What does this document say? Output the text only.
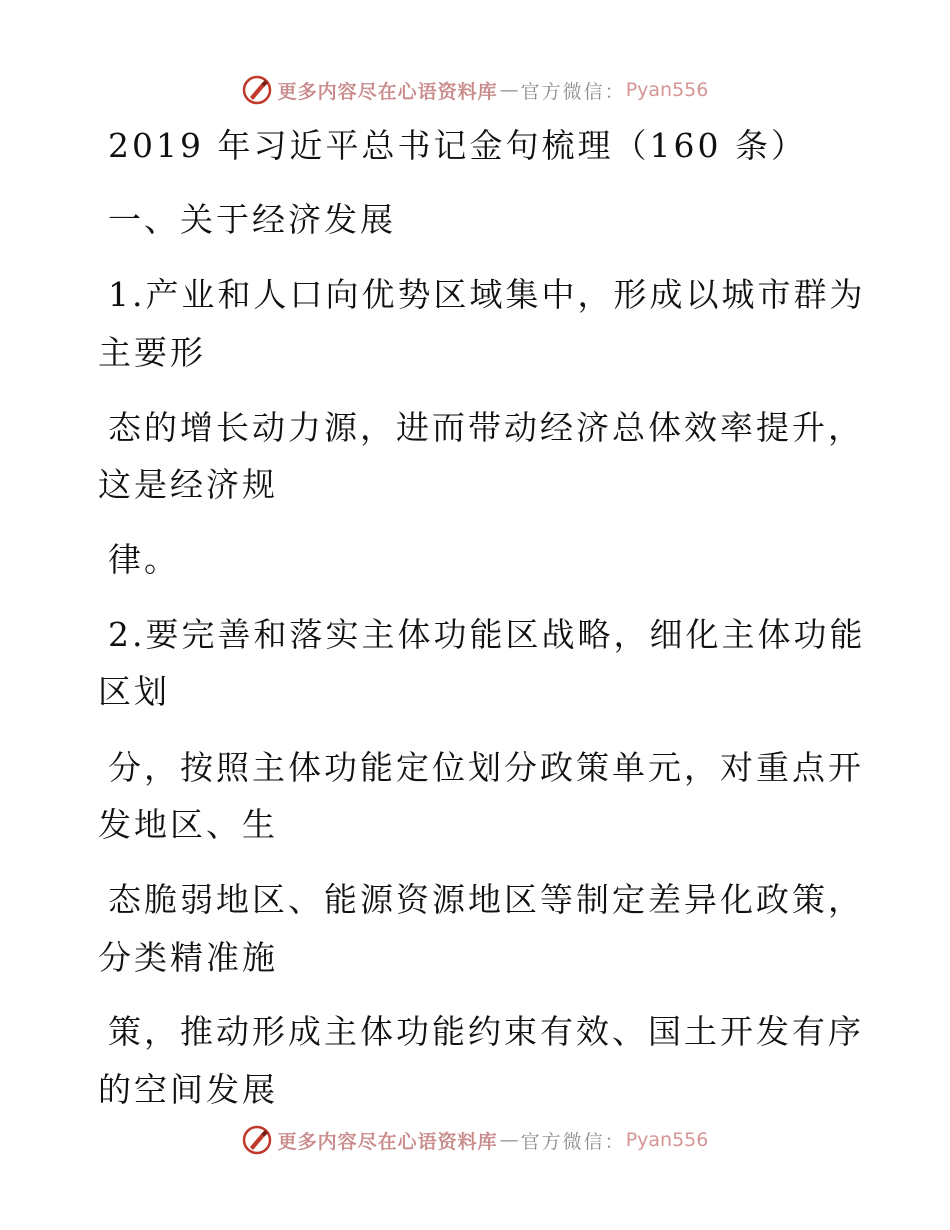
更多内容尽在心语资料库 — 官方微信： Pyan556
2019 年习近平总书记金句梳理（160 条）
一、关于经济发展
1.产业和人口向优势区域集中，形成以城市群为
主要形
态的增长动力源，进而带动经济总体效率提升，
这是经济规
律。
2.要完善和落实主体功能区战略，细化主体功能
区划
分，按照主体功能定位划分政策单元，对重点开
发地区、生
态脆弱地区、能源资源地区等制定差异化政策，
分类精准施
策，推动形成主体功能约束有效、国土开发有序
的空间发展
更多内容尽在心语资料库 — 官方微信： Pyan556
